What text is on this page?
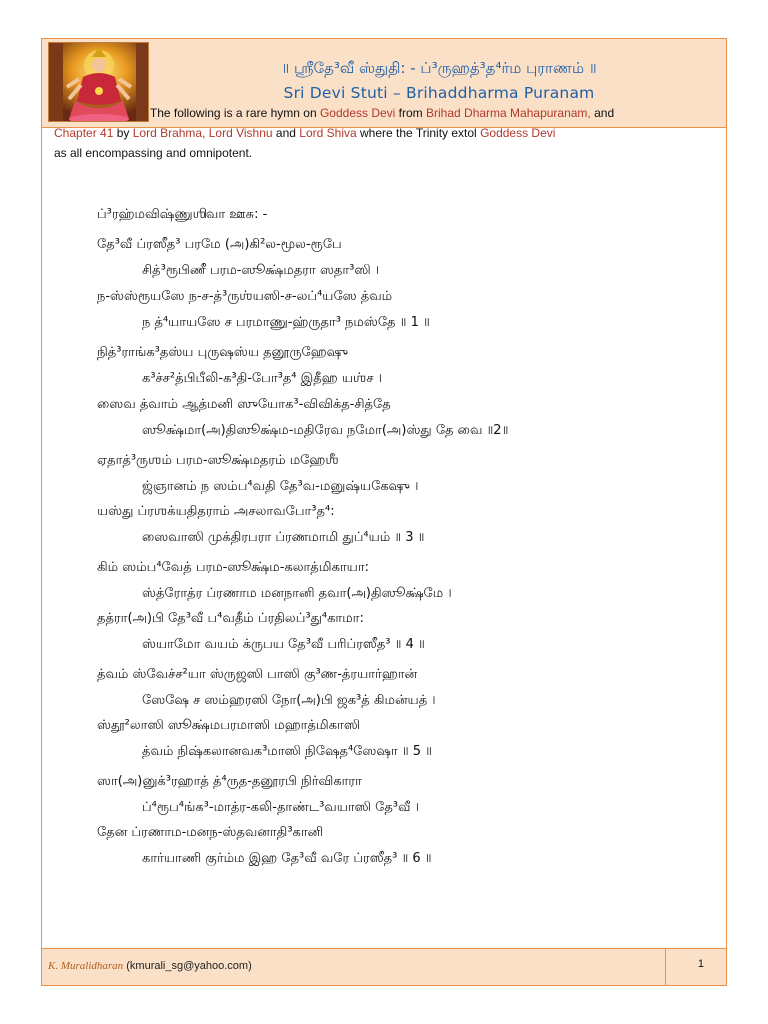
॥ ஸ்ரீதே³வீ ஸ்துதி: - ப்³ருஹத்³த⁴ர்ம புராணம் ॥
Sri Devi Stuti – Brihaddharma Puranam
K. Muralidharan (kmurali_sg@yahoo.com)	1
The following is a rare hymn on Goddess Devi from Brihad Dharma Mahapuranam, and
Chapter 41 by Lord Brahma, Lord Vishnu and Lord Shiva where the Trinity extol Goddess Devi
as all encompassing and omnipotent.
ப்³ரஹ்மவிஷ்ணுஶிவா ஊசு: -
தே³வீ ப்ரஸீத³ பரமே (அ)கி²ல-மூல-ரூபே
சித்³ரூபிணீ பரம-ஸூக்ஷ்மதரா ஸதா³ஸி ।
ந-ஸ்ஸ்ரூயஸே ந-ச-த்³ருஶ்யஸி-ச-லப்⁴யஸே த்வம்
ந த்⁴யாயஸே ச பரமாணு-ஹ்ருதா³ நமஸ்தே ॥ 1 ॥
நித்³ராங்க³தஸ்ய புருஷஸ்ய தனூருஹேஷு
க³ச்ச²த்பிபீலி-க³தி-போ³த⁴ இதீஹ யஶ்ச ।
ஸைவ த்வாம் ஆத்மனி ஸுயோக³-விவிக்த-சித்தே
ஸூக்ஷ்மா(அ)திஸூக்ஷ்ம-மதிரேவ நமோ(அ)ஸ்து தே வை ॥2॥
ஏதாத்³ருஶம் பரம-ஸூக்ஷ்மதரம் மஹேஶீ
ஜ்ஞானம் ந ஸம்ப⁴வதி தே³வ-மனுஷ்யகேஷு ।
யஸ்து ப்ரஶக்யதிதராம் அசலாவபோ³த⁴:
ஸைவாஸி முக்திரபரா ப்ரணமாமி துப்⁴யம் ॥ 3 ॥
கிம் ஸம்ப⁴வேத் பரம-ஸூக்ஷ்ம-கலாத்மிகாயா:
ஸ்த்ரோத்ர ப்ரணாம மனநானி தவா(அ)திஸூக்ஷ்மே ।
தத்ரா(அ)பி தே³வீ ப⁴வதீம் ப்ரதிலப்³து⁴காமா:
ஸ்யாமோ வயம் க்ருபய தே³வீ பரிப்ரஸீத³ ॥ 4 ॥
த்வம் ஸ்வேச்ச²யா ஸ்ருஜஸி பாஸி கு³ண-த்ரயார்ஹான்
ஸேஷே ச ஸம்ஹரஸி நோ(அ)பி ஜக³த் கிமன்யத் ।
ஸ்தூ²லாஸி ஸூக்ஷ்மபரமாஸி மஹாத்மிகாஸி
த்வம் நிஷ்கலானவக³மாஸி நிஷேத⁴ஸேஷா ॥ 5 ॥
ஸா(அ)னுக்³ரஹாத் த்⁴ருத-தனூரபி நிர்விகாரா
ப்⁴ரூப⁴ங்க³-மாத்ர-கலி-தாண்ட³வயாஸி தே³வீ ।
தேன ப்ரணாம-மனந-ஸ்தவனாதி³கானி
கார்யாணி குர்ம்ம இஹ தே³வீ வரே ப்ரஸீத³ ॥ 6 ॥
